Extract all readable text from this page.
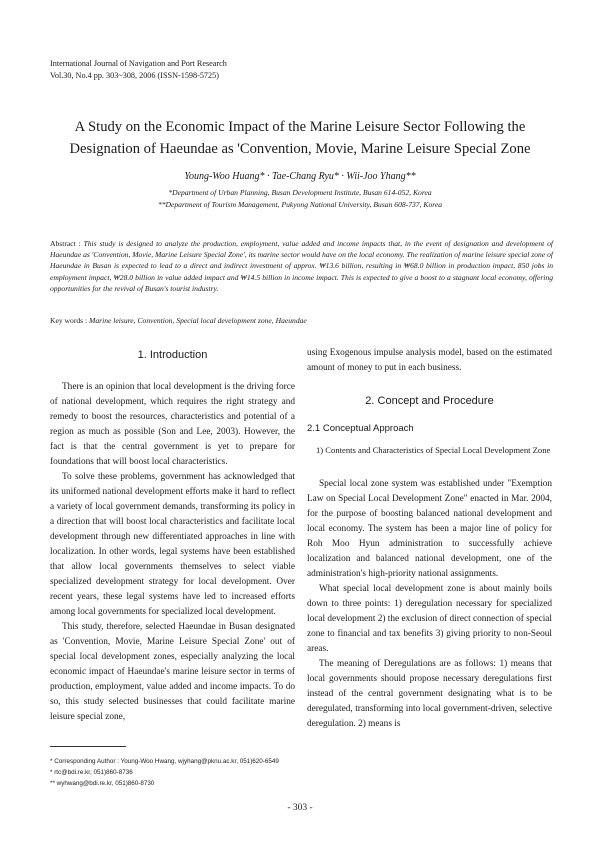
International Journal of Navigation and Port Research
Vol.30, No.4 pp. 303~308, 2006 (ISSN-1598-5725)
A Study on the Economic Impact of the Marine Leisure Sector Following the
Designation of Haeundae as 'Convention, Movie, Marine Leisure Special Zone
Young-Woo Huang* · Tae-Chang Ryu* · Wii-Joo Yhang**
*Department of Urban Planning, Busan Development Institute, Busan 614-052, Korea
**Department of Tourism Management, Pukyong National University, Busan 608-737, Korea
Abstract : This study is designed to analyze the production, employment, value added and income impacts that, in the event of designation and development of Haeundae as 'Convention, Movie, Marine Leisure Special Zone', its marine sector would have on the local economy. The realization of marine leisure special zone of Haeundae in Busan is expected to lead to a direct and indirect investment of approx. ₩13.6 billion, resulting in ₩68.0 billion in production impact, 850 jobs in employment impact, ₩28.0 billion in value added impact and ₩14.5 billion in income impact. This is expected to give a boost to a stagnant local economy, offering opportunities for the revival of Busan's tourist industry.
Key words : Marine leisure, Convention, Special local development zone, Haeundae
1. Introduction

There is an opinion that local development is the driving force of national development, which requires the right strategy and remedy to boost the resources, characteristics and potential of a region as much as possible (Son and Lee, 2003). However, the fact is that the central government is yet to prepare for foundations that will boost local characteristics.

To solve these problems, government has acknowledged that its uniformed national development efforts make it hard to reflect a variety of local government demands, transforming its policy in a direction that will boost local characteristics and facilitate local development through new differentiated approaches in line with localization. In other words, legal systems have been established that allow local governments themselves to select viable specialized development strategy for local development. Over recent years, these legal systems have led to increased efforts among local governments for specialized local development.

This study, therefore, selected Haeundae in Busan designated as 'Convention, Movie, Marine Leisure Special Zone' out of special local development zones, especially analyzing the local economic impact of Haeundae's marine leisure sector in terms of production, employment, value added and income impacts. To do so, this study selected businesses that could facilitate marine leisure special zone,

using Exogenous impulse analysis model, based on the estimated amount of money to put in each business.

2. Concept and Procedure
2.1 Conceptual Approach
1) Contents and Characteristics of Special Local Development Zone

Special local zone system was established under "Exemption Law on Special Local Development Zone" enacted in Mar. 2004, for the purpose of boosting balanced national development and local economy. The system has been a major line of policy for Roh Moo Hyun administration to successfully achieve localization and balanced national development, one of the administration's high-priority national assignments.

What special local development zone is about mainly boils down to three points: 1) deregulation necessary for specialized local development 2) the exclusion of direct connection of special zone to financial and tax benefits 3) giving priority to non-Seoul areas.

The meaning of Deregulations are as follows: 1) means that local governments should propose necessary deregulations first instead of the central government designating what is to be deregulated, transforming into local government-driven, selective deregulation. 2) means is

* Corresponding Author : Young-Woo Hwang, wjyhang@pknu.ac.kr, 051)620-6549
* rtc@bdi.re.kr, 051)860-8736
** wyhwang@bdi.re.kr, 051)860-8730
- 303 -
